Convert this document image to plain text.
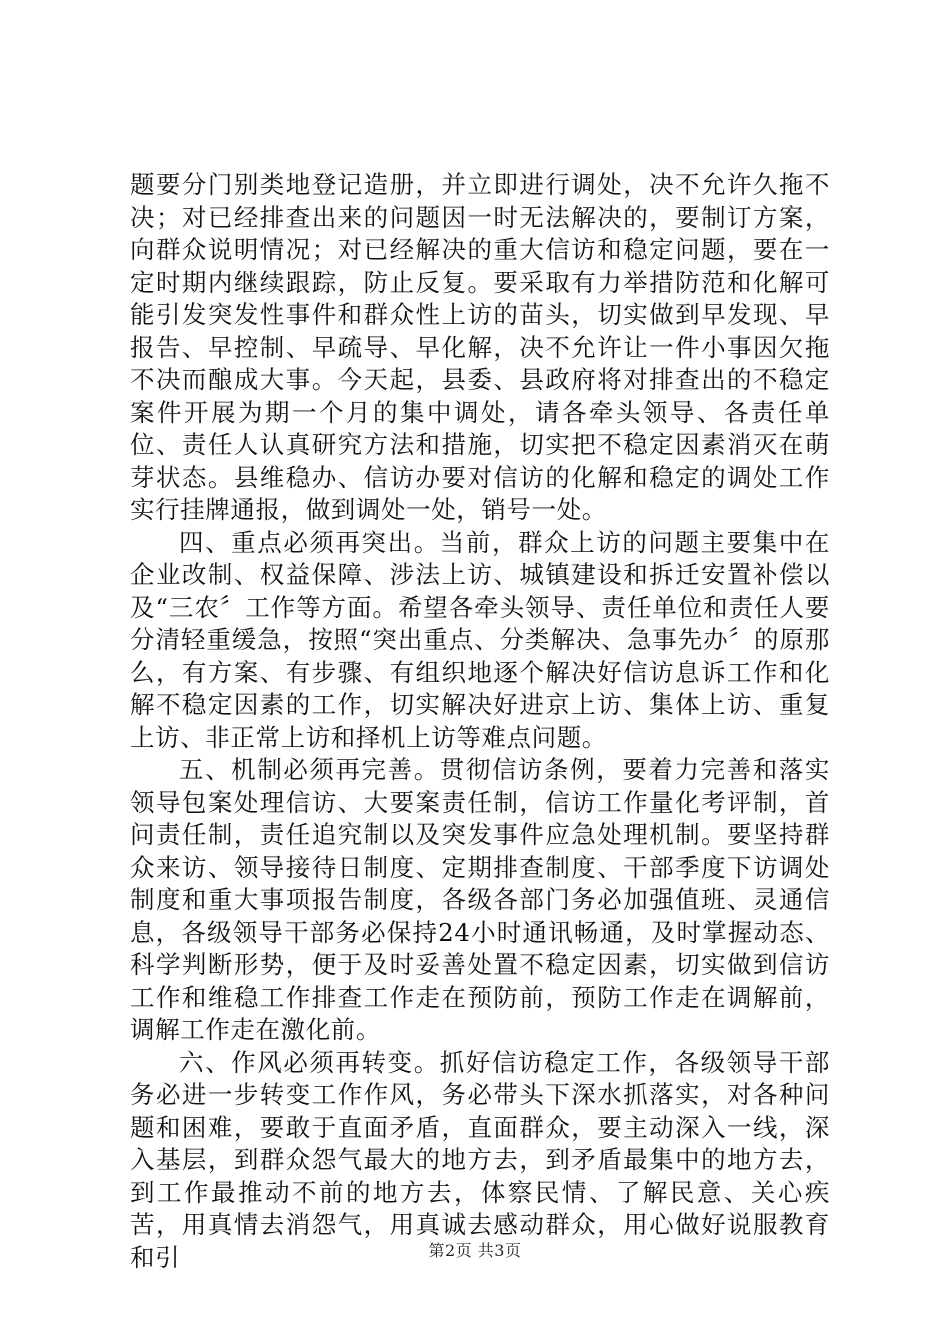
题要分门别类地登记造册，并立即进行调处，决不允许久拖不决；对已经排查出来的问题因一时无法解决的，要制订方案，向群众说明情况；对已经解决的重大信访和稳定问题，要在一定时期内继续跟踪，防止反复。要采取有力举措防范和化解可能引发突发性事件和群众性上访的苗头，切实做到早发现、早报告、早控制、早疏导、早化解，决不允许让一件小事因欠拖不决而酿成大事。今天起，县委、县政府将对排查出的不稳定案件开展为期一个月的集中调处，请各牵头领导、各责任单位、责任人认真研究方法和措施，切实把不稳定因素消灭在萌芽状态。县维稳办、信访办要对信访的化解和稳定的调处工作实行挂牌通报，做到调处一处，销号一处。

四、重点必须再突出。当前，群众上访的问题主要集中在企业改制、权益保障、涉法上访、城镇建设和拆迁安置补偿以及“三农〞工作等方面。希望各牵头领导、责任单位和责任人要分清轻重缓急，按照“突出重点、分类解决、急事先办〞的原那么，有方案、有步骤、有组织地逐个解决好信访息诉工作和化解不稳定因素的工作，切实解决好进京上访、集体上访、重复上访、非正常上访和择机上访等难点问题。

五、机制必须再完善。贯彻信访条例，要着力完善和落实领导包案处理信访、大要案责任制，信访工作量化考评制，首问责任制，责任追究制以及突发事件应急处理机制。要坚持群众来访、领导接待日制度、定期排查制度、干部季度下访调处制度和重大事项报告制度，各级各部门务必加强值班、灵通信息，各级领导干部务必保持24小时通讯畅通，及时掌握动态、科学判断形势，便于及时妥善处置不稳定因素，切实做到信访工作和维稳工作排查工作走在预防前，预防工作走在调解前，调解工作走在激化前。

六、作风必须再转变。抓好信访稳定工作，各级领导干部务必进一步转变工作作风，务必带头下深水抓落实，对各种问题和困难，要敢于直面矛盾，直面群众，要主动深入一线，深入基层，到群众怨气最大的地方去，到矛盾最集中的地方去，到工作最推动不前的地方去，体察民情、了解民意、关心疾苦，用真情去消怨气，用真诚去感动群众，用心做好说服教育和引	第2页 共3页
